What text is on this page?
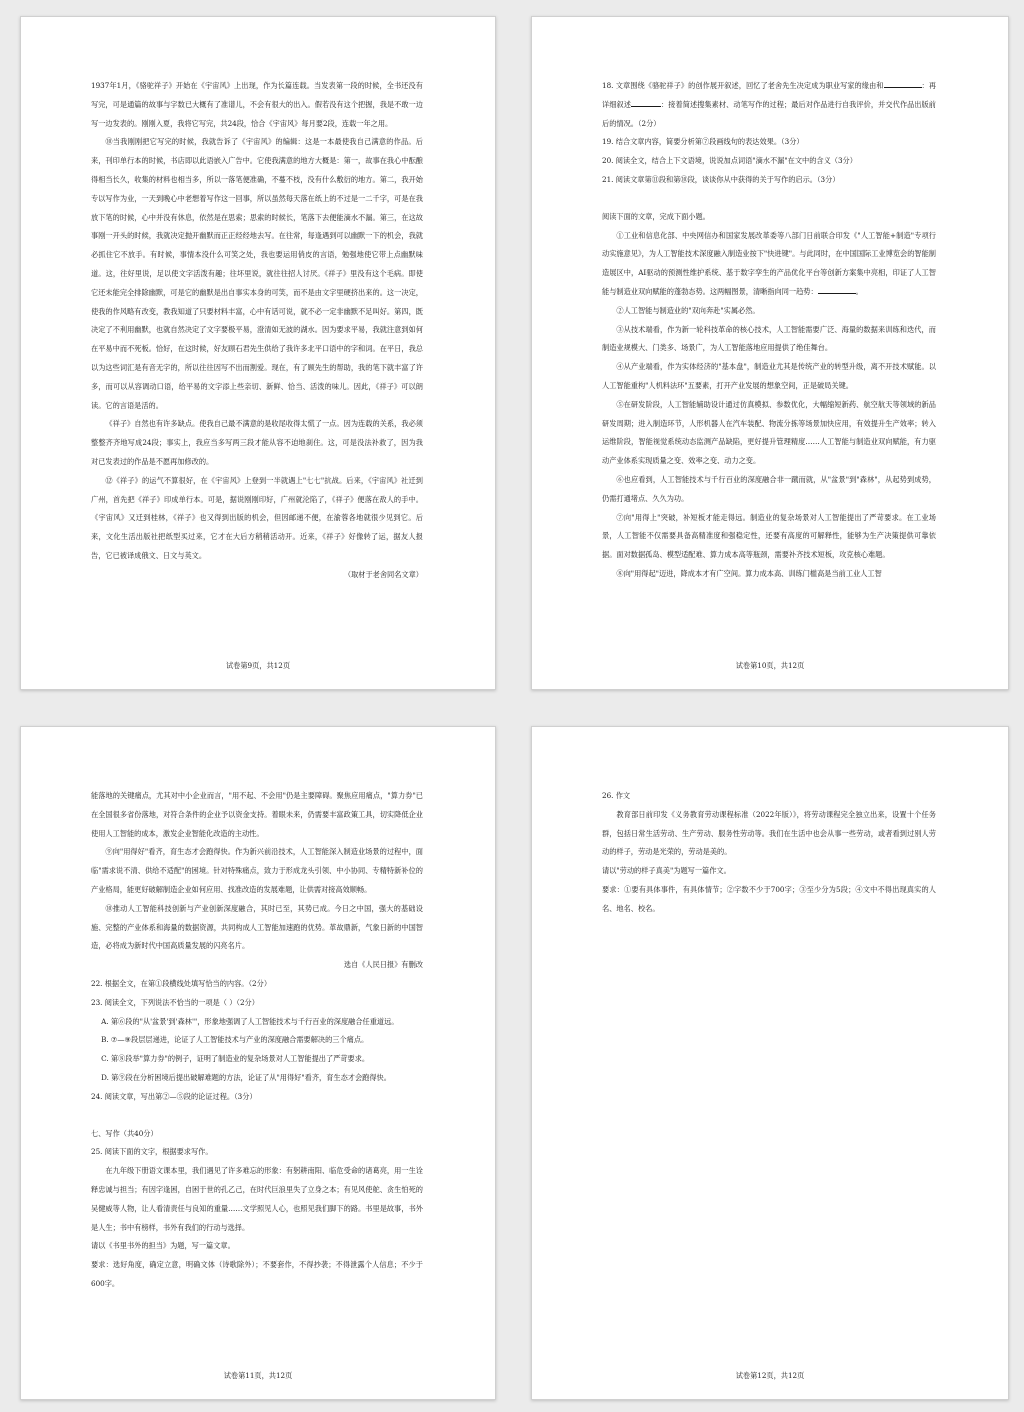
1937年1月，《骆驼祥子》开始在《宇宙风》上出现，作为长篇连载。当发表第一段的时候，全书还没有写完，可是通篇的故事与字数已大概有了准谱儿，不会有很大的出入。假若没有这个把握，我是不敢一边写一边发表的。刚刚入夏，我将它写完，共24段，恰合《宇宙风》每月要2段，连载一年之用。

⑩当我刚刚把它写完的时候，我就告诉了《宇宙风》的编辑：这是一本最使我自己满意的作品。后来，刊印单行本的时候，书店即以此语嵌入广告中。它使我满意的地方大概是：第一，故事在我心中酝酿得相当长久，收集的材料也相当多，所以一落笔便准确，不蔓不枝，没有什么敷衍的地方。第二，我开始专以写作为业，一天到晚心中老想着写作这一回事，所以虽然每天落在纸上的不过是一二千字，可是在我放下笔的时候，心中并没有休息，依然是在思索；思索的时候长，笔落下去便能滴水不漏。第三，在这故事刚一开头的时候，我就决定抛开幽默而正正经经地去写。在往常，每逢遇到可以幽默一下的机会，我就必抓住它不放手。有时候，事情本没什么可笑之处，我也要运用俏皮的言语，勉强地使它带上点幽默味道。这，往好里说，足以使文字活泼有趣；往坏里说，就往往招人讨厌。《祥子》里没有这个毛病。即使它还未能完全排除幽默，可是它的幽默是出自事实本身的可笑，而不是由文字里硬挤出来的。这一决定，使我的作风略有改变，教我知道了只要材料丰富，心中有话可说，就不必一定非幽默不足叫好。第四，既决定了不利用幽默，也就自然决定了文字要极平易，澄清如无波的湖水。因为要求平易，我就注意到如何在平易中而不死板。恰好，在这时候，好友顾石君先生供给了我许多北平口语中的字和词。在平日，我总以为这些词汇是有音无字的，所以往往因写不出而割爱。现在，有了顾先生的帮助，我的笔下就丰富了许多，而可以从容调动口语，给平易的文字添上些亲切、新鲜、恰当、活泼的味儿。因此，《祥子》可以朗读。它的言语是活的。

《祥子》自然也有许多缺点。使我自己最不满意的是收尾收得太慌了一点。因为连载的关系，我必须整整齐齐地写成24段；事实上，我应当多写两三段才能从容不迫地刹住。这，可是没法补救了，因为我对已发表过的作品是不愿再加修改的。

⑫《祥子》的运气不算很好，在《宇宙风》上登到一半就遇上"七七"抗战。后来，《宇宙风》社迁到广州，首先把《祥子》印成单行本。可是，据说刚刚印好，广州就沦陷了，《祥子》便落在敌人的手中。《宇宙风》又迁到桂林，《祥子》也又得到出版的机会，但因邮递不便，在渝蓉各地就很少见到它。后来，文化生活出版社把纸型买过来，它才在大后方稍稍活动开。近来，《祥子》好像转了运，据友人报告，它已被译成俄文、日文与英文。

（取材于老舍同名文章）

试卷第9页，共12页

18. 文章围绕《骆驼祥子》的创作展开叙述，回忆了老舍先生决定成为职业写家的缘由和	：再详细叙述	：接着简述搜集素材、动笔写作的过程；最后对作品进行自我评价，并交代作品出版前后的情况。（2分）

19. 结合文章内容，简要分析第⑦段画线句的表达效果。（3分）

20. 阅读全文，结合上下文语境，说说加点词语"滴水不漏"在文中的含义（3分）

21. 阅读文章第⑪段和第⑩段，谈谈你从中获得的关于写作的启示。（3分）

阅读下面的文章，完成下面小题。

①工业和信息化部、中央网信办和国家发展改革委等八部门日前联合印发《"人工智能+制造"专项行动实施意见》，为人工智能技术深度融入制造业按下"快进键"。与此同时，在中国国际工业博览会的智能制造展区中，AI驱动的预测性维护系统、基于数字孪生的产品优化平台等创新方案集中亮相，印证了人工智能与制造业双向赋能的蓬勃态势。这两幅图景，清晰指向同一趋势：	。

②人工智能与制造业的"双向奔赴"实属必然。

③从技术端看，作为新一轮科技革命的核心技术，人工智能需要广泛、海量的数据来训练和迭代，而制造业规模大、门类多、场景广，为人工智能落地应用提供了绝佳舞台。

④从产业端看，作为实体经济的"基本盘"，制造业尤其是传统产业的转型升级，离不开技术赋能。以人工智能重构"人机料法环"五要素，打开产业发展的想象空间，正是破局关键。

⑤在研发阶段，人工智能辅助设计通过仿真模拟、参数优化，大幅缩短新药、航空航天等领域的新品研发周期；进入制造环节，人形机器人在汽车装配、物流分拣等场景加快应用，有效提升生产效率；转入运维阶段，智能视觉系统动态监测产品缺陷，更好提升管理精度……人工智能与制造业双向赋能，有力驱动产业体系实现质量之变、效率之变、动力之变。

⑥也应看到，人工智能技术与千行百业的深度融合非一蹴而就，从"盆景"到"森林"，从起势到成势，仍需打通堵点、久久为功。

⑦向"用得上"突破，补短板才能走得远。制造业的复杂场景对人工智能提出了严苛要求。在工业场景，人工智能不仅需要具备高精准度和强稳定性，还要有高度的可解释性，能够为生产决策提供可靠依据。面对数据孤岛、模型适配难、算力成本高等瓶颈，需要补齐技术短板，攻克核心难题。

⑧向"用得起"迈进，降成本才有广空间。算力成本高、训练门槛高是当前工业人工智

试卷第10页，共12页

能落地的关键痛点，尤其对中小企业而言，"用不起、不会用"仍是主要障碍。聚焦应用痛点，"算力券"已在全国很多省份落地，对符合条件的企业予以资金支持。着眼未来，仍需要丰富政策工具，切实降低企业使用人工智能的成本，激发企业智能化改造的主动性。

⑨向"用得好"看齐，育生态才会跑得快。作为新兴前沿技术，人工智能深入制造业场景的过程中，面临"需求说不清、供给不适配"的困境。针对特殊痛点，致力于形成龙头引领、中小协同、专精特新补位的产业格局，能更好破解制造企业如何应用、找准改造的发展难题，让供需对接高效顺畅。

⑩推动人工智能科技创新与产业创新深度融合，其时已至，其势已成。今日之中国，强大的基础设施、完整的产业体系和海量的数据资源，共同构成人工智能加速跑的优势。革故鼎新，气象日新的中国智造，必将成为新时代中国高质量发展的闪亮名片。

选自《人民日报》有删改

22. 根据全文，在第①段横线处填写恰当的内容。（2分）

23. 阅读全文，下列说法不恰当的一项是（ ）（2分）

A. 第⑥段的"从'盆景'到'森林'"，形象地强调了人工智能技术与千行百业的深度融合任重道远。

B. ⑦—⑨段层层递进，论证了人工智能技术与产业的深度融合需要解决的三个痛点。

C. 第⑧段举"算力券"的例子，证明了制造业的复杂场景对人工智能提出了严苛要求。

D. 第⑨段在分析困境后提出破解难题的方法，论证了从"用得好"看齐，育生态才会跑得快。

24. 阅读文章，写出第②—⑤段的论证过程。（3分）

七、写作（共40分）

25. 阅读下面的文字，根据要求写作。

在九年级下册语文课本里，我们遇见了许多难忘的形象：有躬耕南阳、临危受命的诸葛亮，用一生诠释忠诚与担当；有因字逢困，自困于世的孔乙己，在时代巨浪里失了立身之本；有见风使舵、贪生怕死的吴健威等人物，让人看清责任与良知的重量……文学照见人心，也照见我们脚下的路。书里是故事，书外是人生；书中有榜样，书外有我们的行动与选择。

请以《书里书外的担当》为题，写一篇文章。

要求：选好角度，确定立意，明确文体（诗歌除外）；不要套作，不得抄袭；不得泄露个人信息；不少于600字。

试卷第11页，共12页

26. 作文

教育部日前印发《义务教育劳动课程标准（2022年版）》，将劳动课程完全独立出来，设置十个任务群，包括日常生活劳动、生产劳动、服务性劳动等。我们在生活中也会从事一些劳动，或者看到过别人劳动的样子，劳动是光荣的，劳动是美的。

请以"劳动的样子真美"为题写一篇作文。

要求：①要有具体事件，有具体情节；②字数不少于700字；③至少分为5段；④文中不得出现真实的人名、地名、校名。

试卷第12页，共12页
